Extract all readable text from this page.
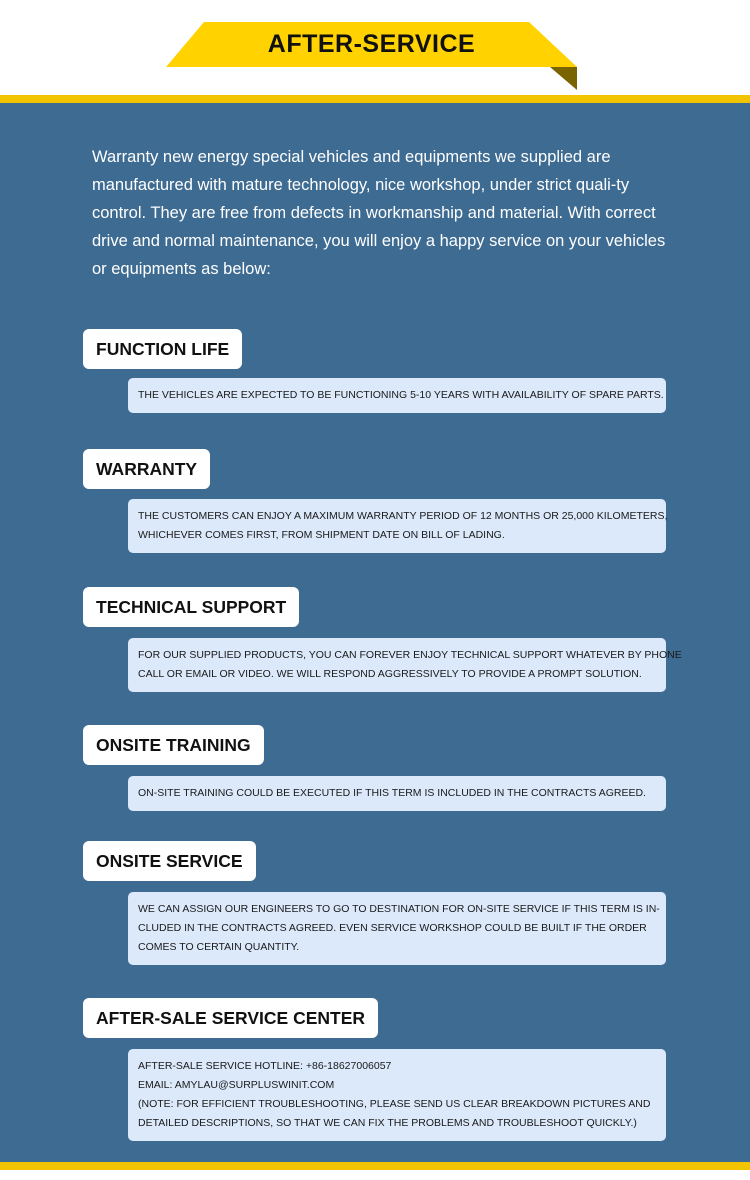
AFTER-SERVICE
Warranty new energy special vehicles and equipments we supplied are manufactured with mature technology, nice workshop, under strict quali-ty control. They are free from defects in workmanship and material. With correct drive and normal maintenance, you will enjoy a happy service on your vehicles or equipments as below:
FUNCTION LIFE
THE VEHICLES ARE EXPECTED TO BE FUNCTIONING 5-10 YEARS WITH AVAILABILITY OF SPARE PARTS.
WARRANTY
THE CUSTOMERS CAN ENJOY A MAXIMUM WARRANTY PERIOD OF 12 MONTHS OR 25,000 KILOMETERS,
WHICHEVER COMES FIRST, FROM SHIPMENT DATE ON BILL OF LADING.
TECHNICAL SUPPORT
FOR OUR SUPPLIED PRODUCTS, YOU CAN FOREVER ENJOY TECHNICAL SUPPORT WHATEVER BY PHONE
CALL OR EMAIL OR VIDEO. WE WILL RESPOND AGGRESSIVELY TO PROVIDE A PROMPT SOLUTION.
ONSITE TRAINING
ON-SITE TRAINING COULD BE EXECUTED IF THIS TERM IS INCLUDED IN THE CONTRACTS AGREED.
ONSITE SERVICE
WE CAN ASSIGN OUR ENGINEERS TO GO TO DESTINATION FOR ON-SITE SERVICE IF THIS TERM IS IN-
CLUDED IN THE CONTRACTS AGREED. EVEN SERVICE WORKSHOP COULD BE BUILT IF THE ORDER
COMES TO CERTAIN QUANTITY.
AFTER-SALE SERVICE CENTER
AFTER-SALE SERVICE HOTLINE: +86-18627006057
EMAIL: AMYLAU@SURPLUSWINIT.COM
(NOTE: FOR EFFICIENT TROUBLESHOOTING, PLEASE SEND US CLEAR BREAKDOWN PICTURES AND
DETAILED DESCRIPTIONS, SO THAT WE CAN FIX THE PROBLEMS AND TROUBLESHOOT QUICKLY.)
